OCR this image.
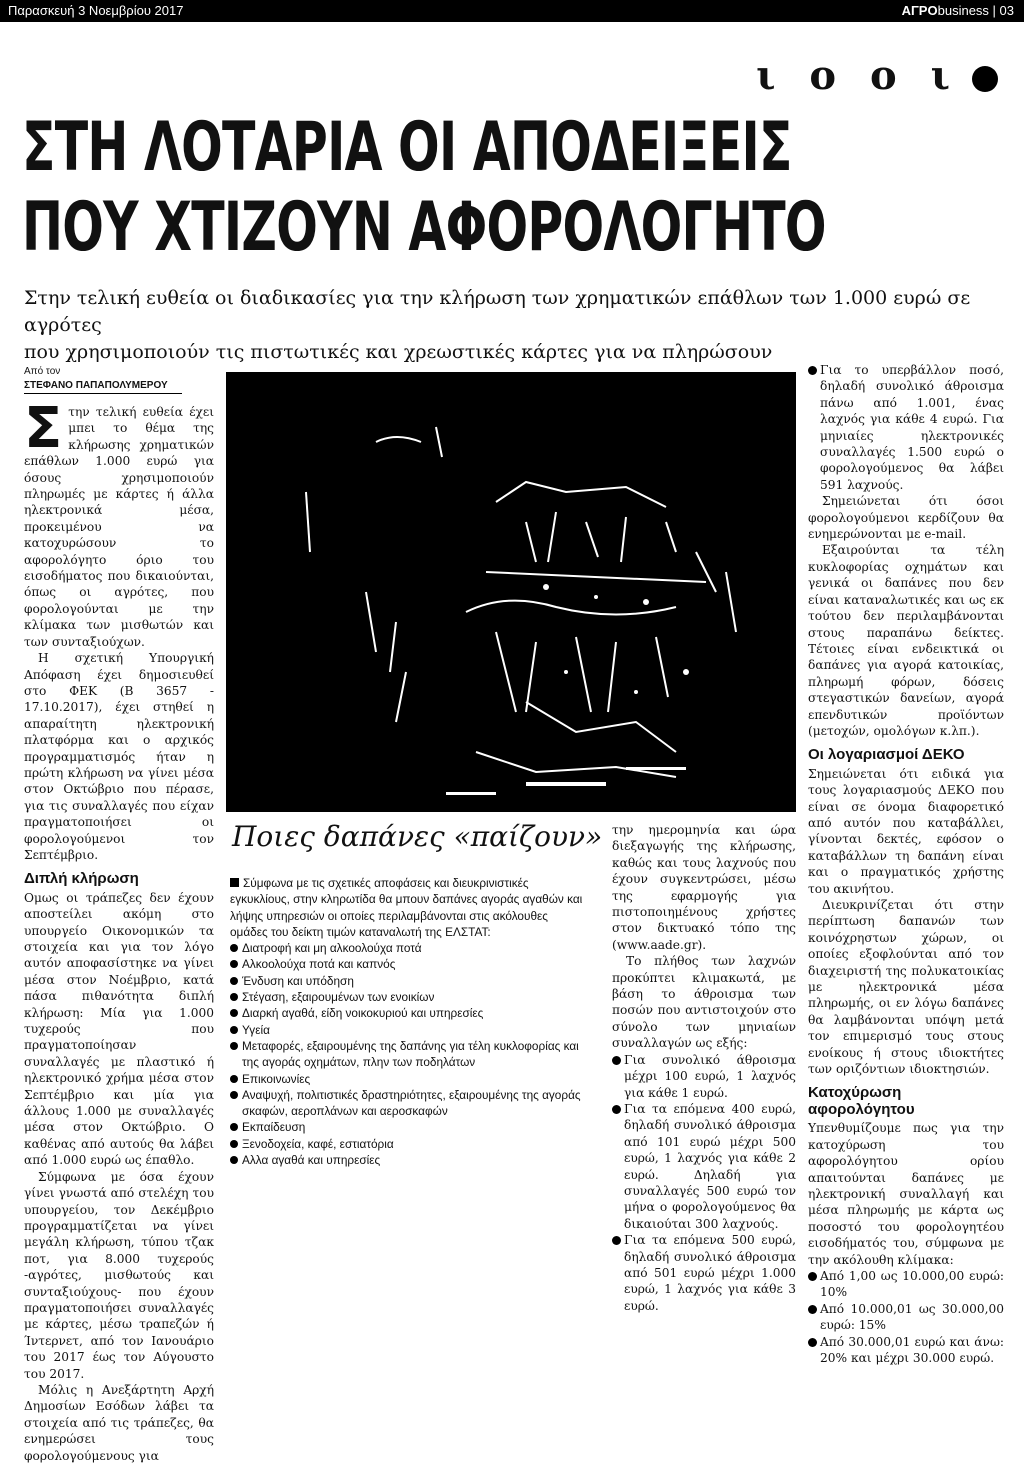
Παρασκευή 3 Νοεμβρίου 2017	ΑΓΡΟbusiness | 03
ι ο ο ι
ΣΤΗ ΛΟΤΑΡΙΑ ΟΙ ΑΠΟΔΕΙΞΕΙΣ
ΠΟΥ ΧΤΙΖΟΥΝ ΑΦΟΡΟΛΟΓΗΤΟ
Στην τελική ευθεία οι διαδικασίες για την κλήρωση των χρηματικών επάθλων των 1.000 ευρώ σε αγρότες
που χρησιμοποιούν τις πιστωτικές και χρεωστικές κάρτες για να πληρώσουν
Από τον
ΣΤΕΦΑΝΟ ΠΑΠΑΠΟΛΥΜΕΡΟΥ

Στην τελική ευθεία έχει μπει το θέμα της κλήρωσης χρηματικών επάθλων 1.000 ευρώ για όσους χρησιμοποιούν πληρωμές με κάρτες ή άλλα ηλεκτρονικά μέσα, προκειμένου να κατοχυρώσουν το αφορολόγητο όριο του εισοδήματος που δικαιούνται, όπως οι αγρότες, που φορολογούνται με την κλίμακα των μισθωτών και των συνταξιούχων.

Η σχετική Υπουργική Απόφαση έχει δημοσιευθεί στο ΦΕΚ (Β 3657 - 17.10.2017), έχει στηθεί η απαραίτητη ηλεκτρονική πλατφόρμα και ο αρχικός προγραμματισμός ήταν η πρώτη κλήρωση να γίνει μέσα στον Οκτώβριο που πέρασε, για τις συναλλαγές που είχαν πραγματοποιήσει οι φορολογούμενοι τον Σεπτέμβριο.

Διπλή κλήρωση

Ομως οι τράπεζες δεν έχουν αποστείλει ακόμη στο υπουργείο Οικονομικών τα στοιχεία και για τον λόγο αυτόν αποφασίστηκε να γίνει μέσα στον Νοέμβριο, κατά πάσα πιθανότητα διπλή κλήρωση: Μία για 1.000 τυχερούς που πραγματοποίησαν συναλλαγές με πλαστικό ή ηλεκτρονικό χρήμα μέσα στον Σεπτέμβριο και μία για άλλους 1.000 με συναλλαγές μέσα στον Οκτώβριο. Ο καθένας από αυτούς θα λάβει από 1.000 ευρώ ως έπαθλο.

Σύμφωνα με όσα έχουν γίνει γνωστά από στελέχη του υπουργείου, τον Δεκέμβριο προγραμματίζεται να γίνει μεγάλη κλήρωση, τύπου τζακ ποτ, για 8.000 τυχερούς -αγρότες, μισθωτούς και συνταξιούχους- που έχουν πραγματοποιήσει συναλλαγές με κάρτες, μέσω τραπεζών ή Ίντερνετ, από τον Ιανουάριο του 2017 έως τον Αύγουστο του 2017.

Μόλις η Ανεξάρτητη Αρχή Δημοσίων Εσόδων λάβει τα στοιχεία από τις τράπεζες, θα ενημερώσει τους φορολογούμενους για

Ποιες δαπάνες «παίζουν»

Σύμφωνα με τις σχετικές αποφάσεις και διευκρινιστικές εγκυκλίους, στην κληρωτίδα θα μπουν δαπάνες αγοράς αγαθών και λήψης υπηρεσιών οι οποίες περιλαμβάνονται στις ακόλουθες ομάδες του δείκτη τιμών καταναλωτή της ΕΛΣΤΑΤ:

Διατροφή και μη αλκοολούχα ποτά

Αλκοολούχα ποτά και καπνός

Ένδυση και υπόδηση

Στέγαση, εξαιρουμένων των ενοικίων

Διαρκή αγαθά, είδη νοικοκυριού και υπηρεσίες

Υγεία

Μεταφορές, εξαιρουμένης της δαπάνης για τέλη κυκλοφορίας και της αγοράς οχημάτων, πλην των ποδηλάτων

Επικοινωνίες

Αναψυχή, πολιτιστικές δραστηριότητες, εξαιρουμένης της αγοράς σκαφών, αεροπλάνων και αεροσκαφών

Εκπαίδευση

Ξενοδοχεία, καφέ, εστιατόρια

Αλλα αγαθά και υπηρεσίες

την ημερομηνία και ώρα διεξαγωγής της κλήρωσης, καθώς και τους λαχνούς που έχουν συγκεντρώσει, μέσω της εφαρμογής για πιστοποιημένους χρήστες στον δικτυακό τόπο της (www.aade.gr).

Το πλήθος των λαχνών προκύπτει κλιμακωτά, με βάση το άθροισμα των ποσών που αντιστοιχούν στο σύνολο των μηνιαίων συναλλαγών ως εξής:

Για συνολικό άθροισμα μέχρι 100 ευρώ, 1 λαχνός για κάθε 1 ευρώ.

Για τα επόμενα 400 ευρώ, δηλαδή συνολικό άθροισμα από 101 ευρώ μέχρι 500 ευρώ, 1 λαχνός για κάθε 2 ευρώ. Δηλαδή για συναλλαγές 500 ευρώ τον μήνα ο φορολογούμενος θα δικαιούται 300 λαχνούς.

Για τα επόμενα 500 ευρώ, δηλαδή συνολικό άθροισμα από 501 ευρώ μέχρι 1.000 ευρώ, 1 λαχνός για κάθε 3 ευρώ.

Για το υπερβάλλον ποσό, δηλαδή συνολικό άθροισμα πάνω από 1.001, ένας λαχνός για κάθε 4 ευρώ. Για μηνιαίες ηλεκτρονικές συναλλαγές 1.500 ευρώ ο φορολογούμενος θα λάβει 591 λαχνούς.

Σημειώνεται ότι όσοι φορολογούμενοι κερδίζουν θα ενημερώνονται με e-mail.

Εξαιρούνται τα τέλη κυκλοφορίας οχημάτων και γενικά οι δαπάνες που δεν είναι καταναλωτικές και ως εκ τούτου δεν περιλαμβάνονται στους παραπάνω δείκτες. Τέτοιες είναι ενδεικτικά οι δαπάνες για αγορά κατοικίας, πληρωμή φόρων, δόσεις στεγαστικών δανείων, αγορά επενδυτικών προϊόντων (μετοχών, ομολόγων κ.λπ.).

Οι λογαριασμοί ΔΕΚΟ

Σημειώνεται ότι ειδικά για τους λογαριασμούς ΔΕΚΟ που είναι σε όνομα διαφορετικό από αυτόν που καταβάλλει, γίνονται δεκτές, εφόσον ο καταβάλλων τη δαπάνη είναι και ο πραγματικός χρήστης του ακινήτου.

Διευκρινίζεται ότι στην περίπτωση δαπανών των κοινόχρηστων χώρων, οι οποίες εξοφλούνται από τον διαχειριστή της πολυκατοικίας με ηλεκτρονικά μέσα πληρωμής, οι εν λόγω δαπάνες θα λαμβάνονται υπόψη μετά τον επιμερισμό τους στους ενοίκους ή στους ιδιοκτήτες των οριζόντιων ιδιοκτησιών.

Κατοχύρωση αφορολόγητου

Υπενθυμίζουμε πως για την κατοχύρωση του αφορολόγητου ορίου απαιτούνται δαπάνες με ηλεκτρονική συναλλαγή και μέσα πληρωμής με κάρτα ως ποσοστό του φορολογητέου εισοδήματός του, σύμφωνα με την ακόλουθη κλίμακα:

Από 1,00 ως 10.000,00 ευρώ: 10%

Από 10.000,01 ως 30.000,00 ευρώ: 15%

Από 30.000,01 ευρώ και άνω: 20% και μέχρι 30.000 ευρώ.
